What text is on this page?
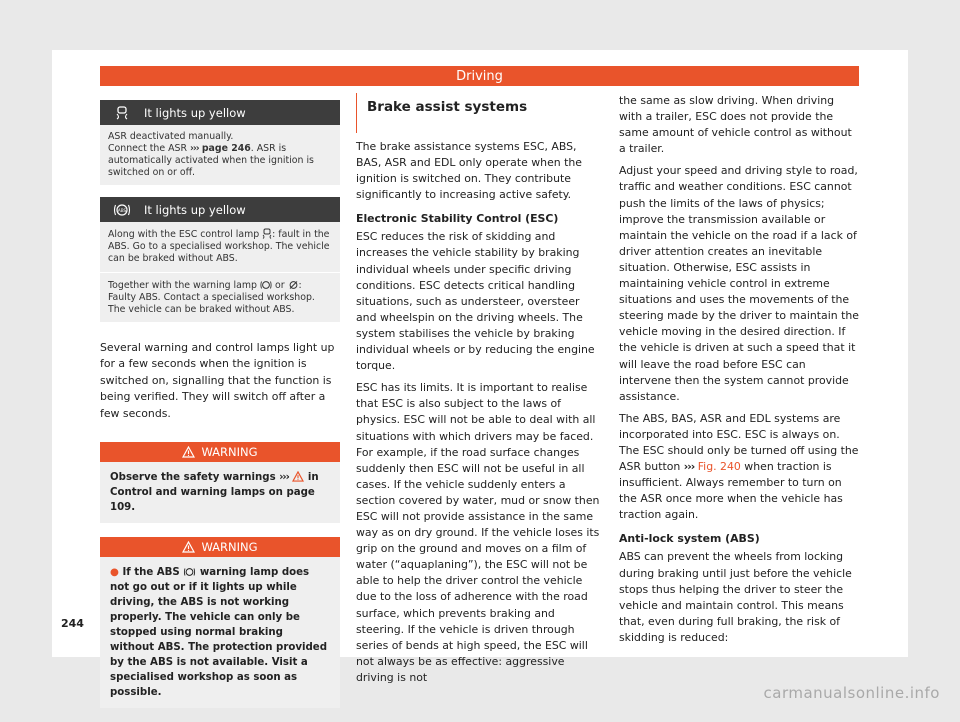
Driving
It lights up yellow

ASR deactivated manually.
Connect the ASR ››› page 246. ASR is automatically activated when the ignition is switched on or off.

ABS It lights up yellow

Along with the ESC control lamp : fault in the ABS. Go to a specialised workshop. The vehicle can be braked without ABS.

Together with the warning lamp  or : Faulty ABS. Contact a specialised workshop. The vehicle can be braked without ABS.

Several warning and control lamps light up for a few seconds when the ignition is switched on, signalling that the function is being verified. They will switch off after a few seconds.

WARNING

Observe the safety warnings ›››  in Control and warning lamps on page 109.

WARNING

● If the ABS  warning lamp does not go out or if it lights up while driving, the ABS is not working properly. The vehicle can only be stopped using normal braking without ABS. The protection provided by the ABS is not available. Visit a specialised workshop as soon as possible.

Brake assist systems

The brake assistance systems ESC, ABS, BAS, ASR and EDL only operate when the ignition is switched on. They contribute significantly to increasing active safety.

Electronic Stability Control (ESC)

ESC reduces the risk of skidding and increases the vehicle stability by braking individual wheels under specific driving conditions. ESC detects critical handling situations, such as understeer, oversteer and wheelspin on the driving wheels. The system stabilises the vehicle by braking individual wheels or by reducing the engine torque.

ESC has its limits. It is important to realise that ESC is also subject to the laws of physics. ESC will not be able to deal with all situations with which drivers may be faced. For example, if the road surface changes suddenly then ESC will not be useful in all cases. If the vehicle suddenly enters a section covered by water, mud or snow then ESC will not provide assistance in the same way as on dry ground. If the vehicle loses its grip on the ground and moves on a film of water (“aquaplaning”), the ESC will not be able to help the driver control the vehicle due to the loss of adherence with the road surface, which prevents braking and steering. If the vehicle is driven through series of bends at high speed, the ESC will not always be as effective: aggressive driving is not

the same as slow driving. When driving with a trailer, ESC does not provide the same amount of vehicle control as without a trailer.

Adjust your speed and driving style to road, traffic and weather conditions. ESC cannot push the limits of the laws of physics; improve the transmission available or maintain the vehicle on the road if a lack of driver attention creates an inevitable situation. Otherwise, ESC assists in maintaining vehicle control in extreme situations and uses the movements of the steering made by the driver to maintain the vehicle moving in the desired direction. If the vehicle is driven at such a speed that it will leave the road before ESC can intervene then the system cannot provide assistance.

The ABS, BAS, ASR and EDL systems are incorporated into ESC. ESC is always on. The ESC should only be turned off using the ASR button ››› Fig. 240 when traction is insufficient. Always remember to turn on the ASR once more when the vehicle has traction again.

Anti-lock system (ABS)

ABS can prevent the wheels from locking during braking until just before the vehicle stops thus helping the driver to steer the vehicle and maintain control. This means that, even during full braking, the risk of skidding is reduced:

244
carmanualsonline.info
